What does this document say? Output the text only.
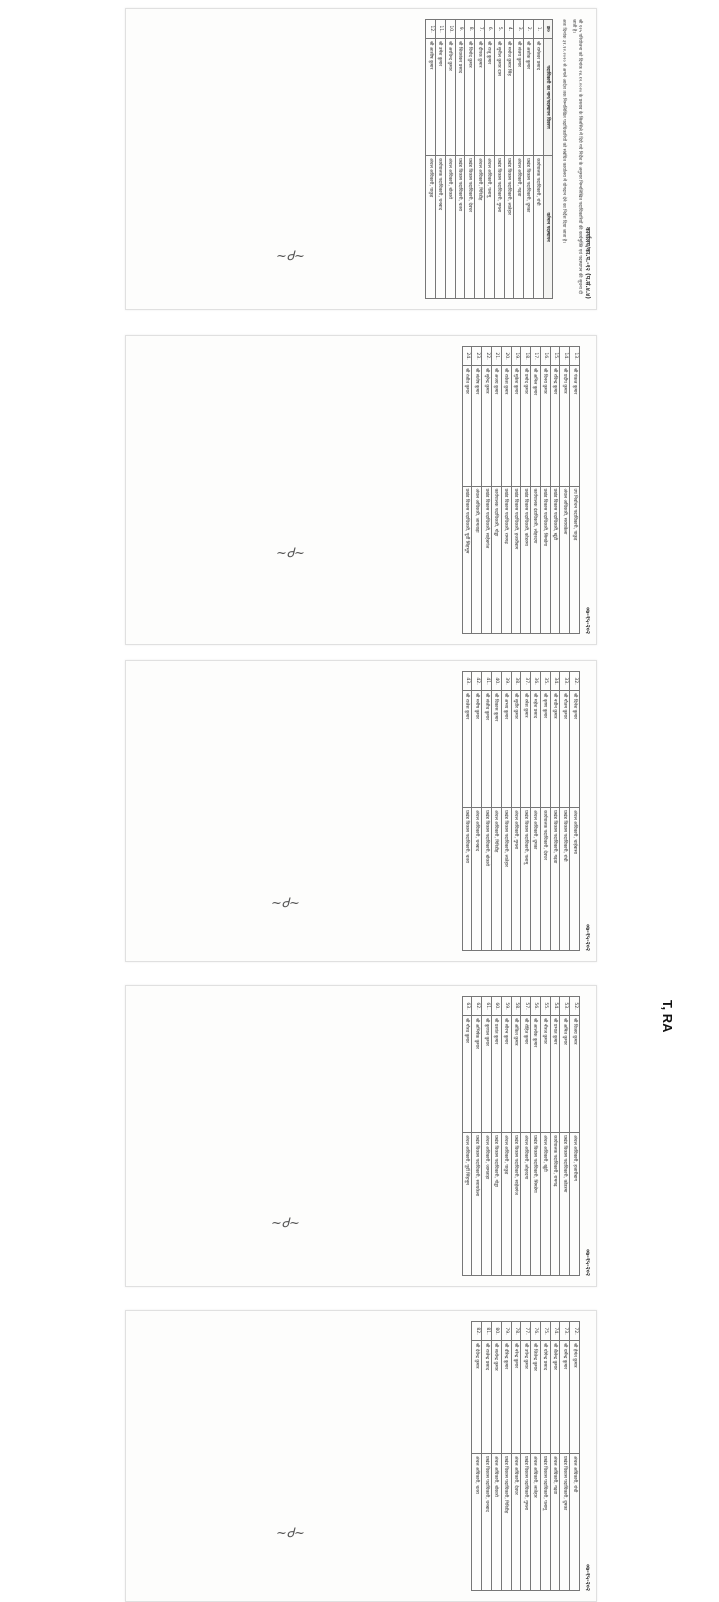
कार्यालय/का.प.-१२ (प.सं.४.४)
श्री १२५ परियोजना को दिनांक २४.१२.२०२० के प्रस्ताव के सिलसिले में दिये गये निर्देश के अनुसार निम्नलिखित पदाधिकारियों की कार्यमुक्ति एवं पदस्थापन की सूचना दी जाती है।
अतः दिनांक ३१.१२.२०२० से अगले आदेश तक निम्नलिखित पदाधिकारियों को संबंधित कार्यालय में योगदान देने का निर्देश दिया जाता है।
क्र०	पदाधिकारी का नाम/पदस्थापन विवरण	वर्तमान पदस्थापन
1.	श्री रामेश्वर प्रसाद	कार्यपालक पदाधिकारी, रांची
2.	श्री अशोक कुमार	प्रखंड विकास पदाधिकारी, दुमका
3.	श्री संजय कुमार	अंचल अधिकारी, गढ़वा
4.	श्री मनोज कुमार सिंह	प्रखंड विकास पदाधिकारी, लातेहार
5.	श्री सुनील कुमार दास	प्रखंड विकास पदाधिकारी, गुमला
6.	श्री राजु कुमार	अंचल अधिकारी, पलामू
7.	श्री दीपक कुमार	अंचल अधिकारी, गिरिडीह
8.	श्री विनोद कुमार	प्रखंड विकास पदाधिकारी, देवघर
9.	श्री शिवशंकर प्रसाद	प्रखंड विकास पदाधिकारी, चतरा
10.	श्री अरविन्द कुमार	अंचल अधिकारी, बोकारो
11.	श्री उमेश कुमार	कार्यपालक पदाधिकारी, धनबाद
12.	श्री आशीष कुमार	अंचल अधिकारी, पाकुड़
~Ꮷ~
०७-१५-२०२
13.	श्री पंकज कुमार	उप निर्वाचन पदाधिकारी, पाकुड़
14.	श्री प्रदीप कुमार	अंचल अधिकारी, सरायकेला
15.	श्री रविन्द्र कुमार	प्रखंड विकास पदाधिकारी, खूंटी
16.	श्री विनय कुमार	प्रखंड विकास पदाधिकारी, सिमडेगा
17.	श्री अनिल कुमार	कार्यपालक दंडाधिकारी, लोहरदगा
18.	श्री प्रमोद कुमार	प्रखंड विकास पदाधिकारी, कोडरमा
19.	श्री मुकेश कुमार	प्रखंड विकास पदाधिकारी, हजारीबाग
20.	श्री राकेश कुमार	प्रखंड विकास पदाधिकारी, रामगढ़
21.	श्री अजय कुमार	कार्यपालक पदाधिकारी, गोड्डा
22.	श्री सुरेन्द्र कुमार	प्रखंड विकास पदाधिकारी, साहेबगंज
23.	श्री संतोष कुमार	अंचल अधिकारी, जामताड़ा
24.	श्री रंजीत कुमार	प्रखंड विकास पदाधिकारी, पूर्वी सिंहभूम
~Ꮷ~
०७-१५-२०२
32.	श्री दिनेश कुमार	अंचल अधिकारी, चाईबासा
33.	श्री गौतम कुमार	प्रखंड विकास पदाधिकारी, रांची
34.	श्री नवीन कुमार	प्रखंड विकास पदाधिकारी, गढ़वा
35.	श्री कृष्ण कुमार	कार्यपालक पदाधिकारी, देवघर
36.	श्री महेश प्रसाद	अंचल अधिकारी, दुमका
37.	श्री रमेश कुमार	प्रखंड विकास पदाधिकारी, पलामू
38.	श्री सुधीर कुमार	अंचल अधिकारी, गुमला
39.	श्री अभय कुमार	प्रखंड विकास पदाधिकारी, लातेहार
40.	श्री विकास कुमार	अंचल अधिकारी, गिरिडीह
41.	श्री संजीव कुमार	प्रखंड विकास पदाधिकारी, बोकारो
42.	श्री मनीष कुमार	अंचल अधिकारी, धनबाद
43.	श्री राजेश कुमार	प्रखंड विकास पदाधिकारी, चतरा
~Ꮷ~
०७-१५-२०२
52.	श्री विजय कुमार	अंचल अधिकारी, हजारीबाग
53.	श्री अमित कुमार	प्रखंड विकास पदाधिकारी, कोडरमा
54.	श्री प्रभात कुमार	कार्यपालक पदाधिकारी, रामगढ़
55.	श्री नीरज कुमार	अंचल अधिकारी, खूंटी
56.	श्री आलोक कुमार	प्रखंड विकास पदाधिकारी, सिमडेगा
57.	श्री रोहित कुमार	अंचल अधिकारी, लोहरदगा
58.	श्री अंकित कुमार	प्रखंड विकास पदाधिकारी, साहेबगंज
59.	श्री सौरभ कुमार	अंचल अधिकारी, पाकुड़
60.	श्री प्रशांत कुमार	प्रखंड विकास पदाधिकारी, गोड्डा
61.	श्री कुणाल कुमार	अंचल अधिकारी, जामताड़ा
62.	श्री अभिषेक कुमार	प्रखंड विकास पदाधिकारी, सरायकेला
63.	श्री गौरव कुमार	अंचल अधिकारी, पूर्वी सिंहभूम
~Ꮷ~
T, RA
०७-१५-२०२
72.	श्री हेमंत कुमार	अंचल अधिकारी, रांची
73.	श्री धर्मेन्द्र कुमार	प्रखंड विकास पदाधिकारी, दुमका
74.	श्री शैलेन्द्र कुमार	अंचल अधिकारी, गढ़वा
75.	श्री योगेन्द्र प्रसाद	प्रखंड विकास पदाधिकारी, पलामू
76.	श्री जितेन्द्र कुमार	अंचल अधिकारी, लातेहार
77.	श्री उपेन्द्र कुमार	प्रखंड विकास पदाधिकारी, गुमला
78.	श्री नरेन्द्र कुमार	अंचल अधिकारी, देवघर
79.	श्री वीरेन्द्र कुमार	प्रखंड विकास पदाधिकारी, गिरिडीह
80.	श्री सत्येन्द्र कुमार	अंचल अधिकारी, बोकारो
81.	श्री राजेन्द्र प्रसाद	प्रखंड विकास पदाधिकारी, धनबाद
82.	श्री देवेन्द्र कुमार	अंचल अधिकारी, चतरा
~Ꮷ~
